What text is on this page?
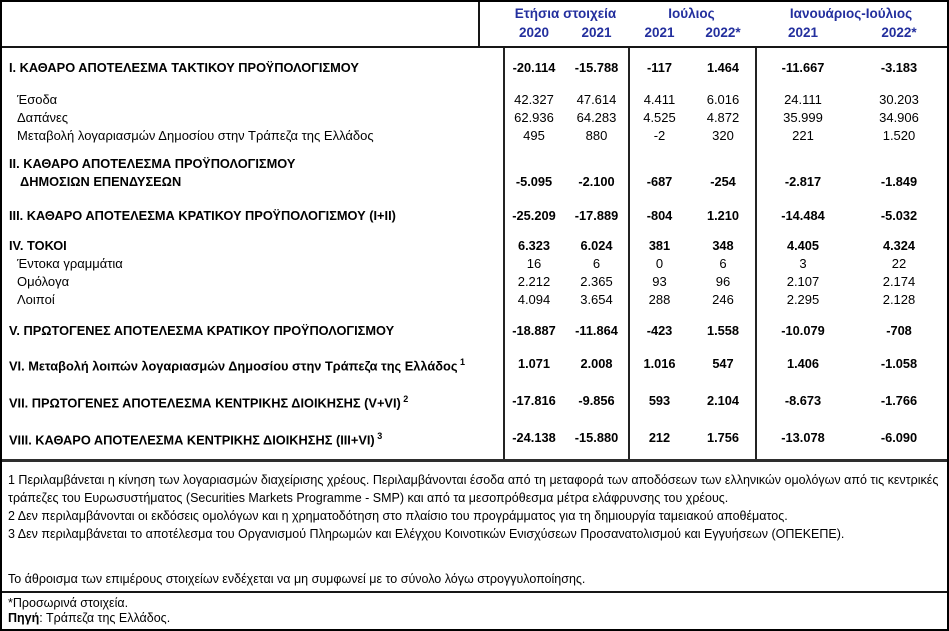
Ετήσια στοιχεία	Ιούλιος	Ιανουάριος-Ιούλιος
2020	2021	2021	2022*	2021	2022*
I. ΚΑΘΑΡΟ ΑΠΟΤΕΛΕΣΜΑ ΤΑΚΤΙΚΟΥ ΠΡΟΫΠΟΛΟΓΙΣΜΟΥ	-20.114	-15.788	-117	1.464	-11.667	-3.183
Έσοδα	42.327	47.614	4.411	6.016	24.111	30.203
Δαπάνες	62.936	64.283	4.525	4.872	35.999	34.906
Μεταβολή λογαριασμών Δημοσίου στην Τράπεζα της Ελλάδος	495	880	-2	320	221	1.520
II. ΚΑΘΑΡΟ ΑΠΟΤΕΛΕΣΜΑ ΠΡΟΫΠΟΛΟΓΙΣΜΟΥ
ΔΗΜΟΣΙΩΝ ΕΠΕΝΔΥΣΕΩΝ	-5.095	-2.100	-687	-254	-2.817	-1.849
III. ΚΑΘΑΡΟ ΑΠΟΤΕΛΕΣΜΑ ΚΡΑΤΙΚΟΥ ΠΡΟΫΠΟΛΟΓΙΣΜΟΥ (I+II)	-25.209	-17.889	-804	1.210	-14.484	-5.032
IV. ΤΟΚΟΙ	6.323	6.024	381	348	4.405	4.324
Έντοκα γραμμάτια	16	6	0	6	3	22
Ομόλογα	2.212	2.365	93	96	2.107	2.174
Λοιποί	4.094	3.654	288	246	2.295	2.128
V. ΠΡΩΤΟΓΕΝΕΣ ΑΠΟΤΕΛΕΣΜΑ ΚΡΑΤΙΚΟΥ ΠΡΟΫΠΟΛΟΓΙΣΜΟΥ	-18.887	-11.864	-423	1.558	-10.079	-708
VI. Μεταβολή λοιπών λογαριασμών Δημοσίου στην Τράπεζα της Ελλάδος $^1$	1.071	2.008	1.016	547	1.406	-1.058
VII. ΠΡΩΤΟΓΕΝΕΣ ΑΠΟΤΕΛΕΣΜΑ ΚΕΝΤΡΙΚΗΣ ΔΙΟΙΚΗΣΗΣ (V+VI) $^2$	-17.816	-9.856	593	2.104	-8.673	-1.766
VIII. ΚΑΘΑΡΟ ΑΠΟΤΕΛΕΣΜΑ ΚΕΝΤΡΙΚΗΣ ΔΙΟΙΚΗΣΗΣ (III+VI) $^3$	-24.138	-15.880	212	1.756	-13.078	-6.090

1 Περιλαμβάνεται η κίνηση των λογαριασμών διαχείρισης χρέους. Περιλαμβάνονται έσοδα από τη μεταφορά των αποδόσεων των ελληνικών ομολόγων από τις κεντρικές τράπεζες του Ευρωσυστήματος (Securities Markets Programme - SMP) και από τα μεσοπρόθεσμα μέτρα ελάφρυνσης του χρέους.

2 Δεν περιλαμβάνονται οι εκδόσεις ομολόγων και η χρηματοδότηση στο πλαίσιο του προγράμματος για τη δημιουργία ταμειακού αποθέματος.

3 Δεν περιλαμβάνεται το αποτέλεσμα του Οργανισμού Πληρωμών και Ελέγχου Κοινοτικών Ενισχύσεων Προσανατολισμού και Εγγυήσεων (ΟΠΕΚΕΠΕ).

Το άθροισμα των επιμέρους στοιχείων ενδέχεται να μη συμφωνεί με το σύνολο λόγω στρογγυλοποίησης.
*Προσωρινά στοιχεία.
Πηγή: Τράπεζα της Ελλάδος.
